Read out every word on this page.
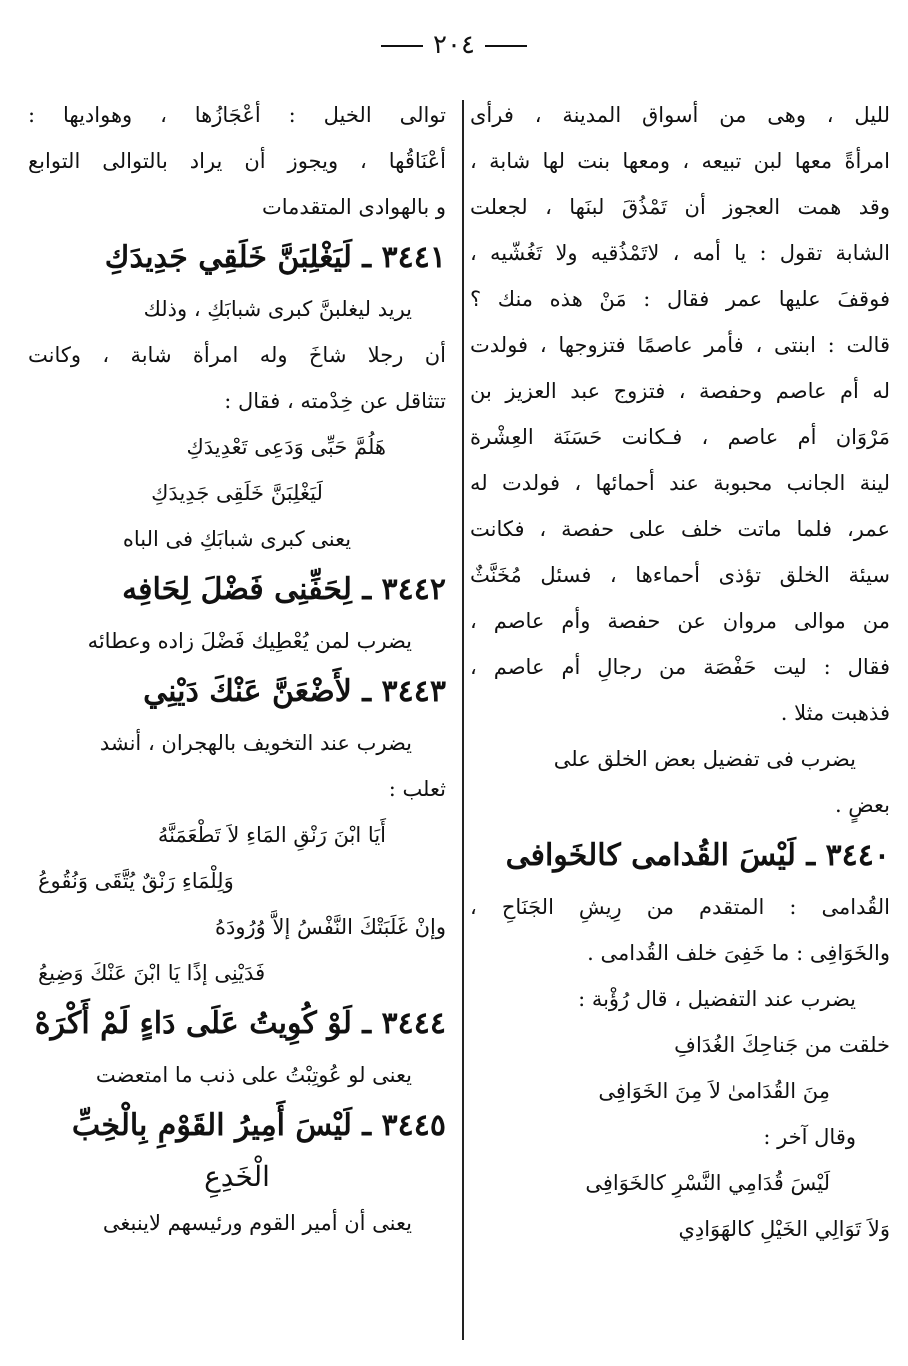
٢٠٤
لليل ، وهى من أسواق المدينة ، فرأى
امرأةً معها لبن تبيعه ، ومعها بنت لها شابة ،
وقد همت العجوز أن تَمْذُقَ لبنَها ، لجعلت
الشابة تقول : يا أمه ، لاتَمْذُقيه ولا تَغُشّيه ،
فوقفَ عليها عمر فقال : مَنْ هذه منك ؟
قالت : ابنتى ، فأمر عاصمًا فتزوجها ، فولدت
له أم عاصم وحفصة ، فتزوج عبد العزيز بن
مَرْوَان أم عاصم ، فـكانت حَسَنَة العِشْرة
لينة الجانب محبوبة عند أحمائها ، فولدت له
عمر، فلما ماتت خلف على حفصة ، فكانت
سيئة الخلق تؤذى أحماءها ، فسئل مُخَنَّثٌ
من موالى مروان عن حفصة وأم عاصم ،
فقال : ليت حَفْصَة من رجالِ أم عاصم ،
فذهبت مثلا .
يضرب فى تفضيل بعض الخلق على
بعضٍ .
٣٤٤٠ ـ لَيْسَ القُدامى كالخَوافى
القُدامى : المتقدم من رِيشِ الجَنَاحِ ،
والخَوَافِى : ما خَفِىَ خلف القُدامى .
يضرب عند التفضيل ، قال رُؤْبة :
خلقت من جَناحِكَ الغُدَافِ
مِنَ القُدَامىٰ لاَ مِنَ الخَوَافِى
وقال آخر :
لَيْسَ قُدَامِي النَّسْرِ كالخَوَافِى
وَلاَ تَوَالِي الخَيْلِ كالهَوَادِي
توالى الخيل : أعْجَازُها ، وهواديها :
أعْنَاقُها ، ويجوز أن يراد بالتوالى التوابع
و بالهوادى المتقدمات
٣٤٤١ ـ لَيَغْلِبَنَّ خَلَقِي جَدِيدَكِ
يريد ليغلبنَّ كبرى شبابَكِ ، وذلك
أن رجلا شاخَ وله امرأة شابة ، وكانت
تتثاقل عن خِدْمته ، فقال :
هَلُمَّ حَبِّى وَدَعِى تَعْدِيدَكِ
لَيَغْلِبَنَّ خَلَقِى جَدِيدَكِ
يعنى كبرى شبابَكِ فى الباه
٣٤٤٢ ـ لِحَفِّنِى فَضْلَ لِحَافِه
يضرب لمن يُعْطِيك فَضْلَ زاده وعطائه
٣٤٤٣ ـ لأَضْعَنَّ عَنْكَ دَيْنِي
يضرب عند التخويف بالهجران ، أنشد
ثعلب :
أَيَا ابْنَ رَنْقِ المَاءِ لاَ تَطْعَمَنَّهُ
وَلِلْمَاءِ رَنْقٌ يُتَّقَى وَنُقُوعُ
وإنْ غَلَبَتْكَ النَّفْسُ إلاَّ وُرُودَهُ
فَدَيْنِى إذًا يَا ابْنَ عَنْكَ وَضِيعُ
٣٤٤٤ ـ لَوْ كُوِيتُ عَلَى دَاءٍ لَمْ أَكْرَهْ
يعنى لو عُوتِبْتُ على ذنب ما امتعضت
٣٤٤٥ ـ لَيْسَ أَمِيرُ القَوْمِ بِالْخِبِّ
الْخَدِعِ
يعنى أن أمير القوم ورئيسهم لاينبغى
